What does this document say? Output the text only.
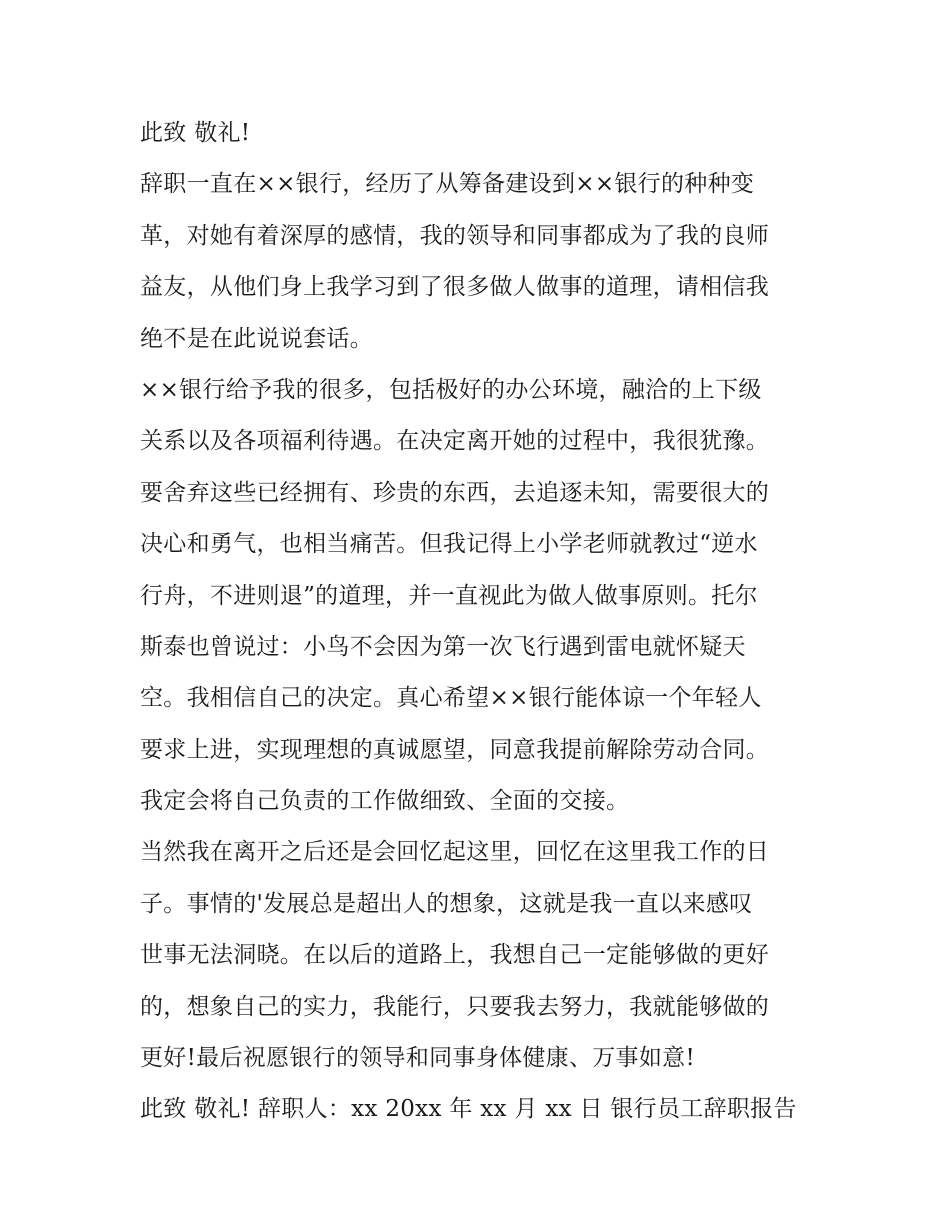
此致 敬礼!
辞职一直在××银行，经历了从筹备建设到××银行的种种变
革，对她有着深厚的感情，我的领导和同事都成为了我的良师
益友，从他们身上我学习到了很多做人做事的道理，请相信我
绝不是在此说说套话。
××银行给予我的很多，包括极好的办公环境，融洽的上下级
关系以及各项福利待遇。在决定离开她的过程中，我很犹豫。
要舍弃这些已经拥有、珍贵的东西，去追逐未知，需要很大的
决心和勇气，也相当痛苦。但我记得上小学老师就教过“逆水
行舟，不进则退”的道理，并一直视此为做人做事原则。托尔
斯泰也曾说过：小鸟不会因为第一次飞行遇到雷电就怀疑天
空。我相信自己的决定。真心希望××银行能体谅一个年轻人
要求上进，实现理想的真诚愿望，同意我提前解除劳动合同。
我定会将自己负责的工作做细致、全面的交接。
当然我在离开之后还是会回忆起这里，回忆在这里我工作的日
子。事情的'发展总是超出人的想象，这就是我一直以来感叹
世事无法洞晓。在以后的道路上，我想自己一定能够做的更好
的，想象自己的实力，我能行，只要我去努力，我就能够做的
更好!最后祝愿银行的领导和同事身体健康、万事如意!
此致 敬礼! 辞职人：xx 20xx 年 xx 月 xx 日 银行员工辞职报告
